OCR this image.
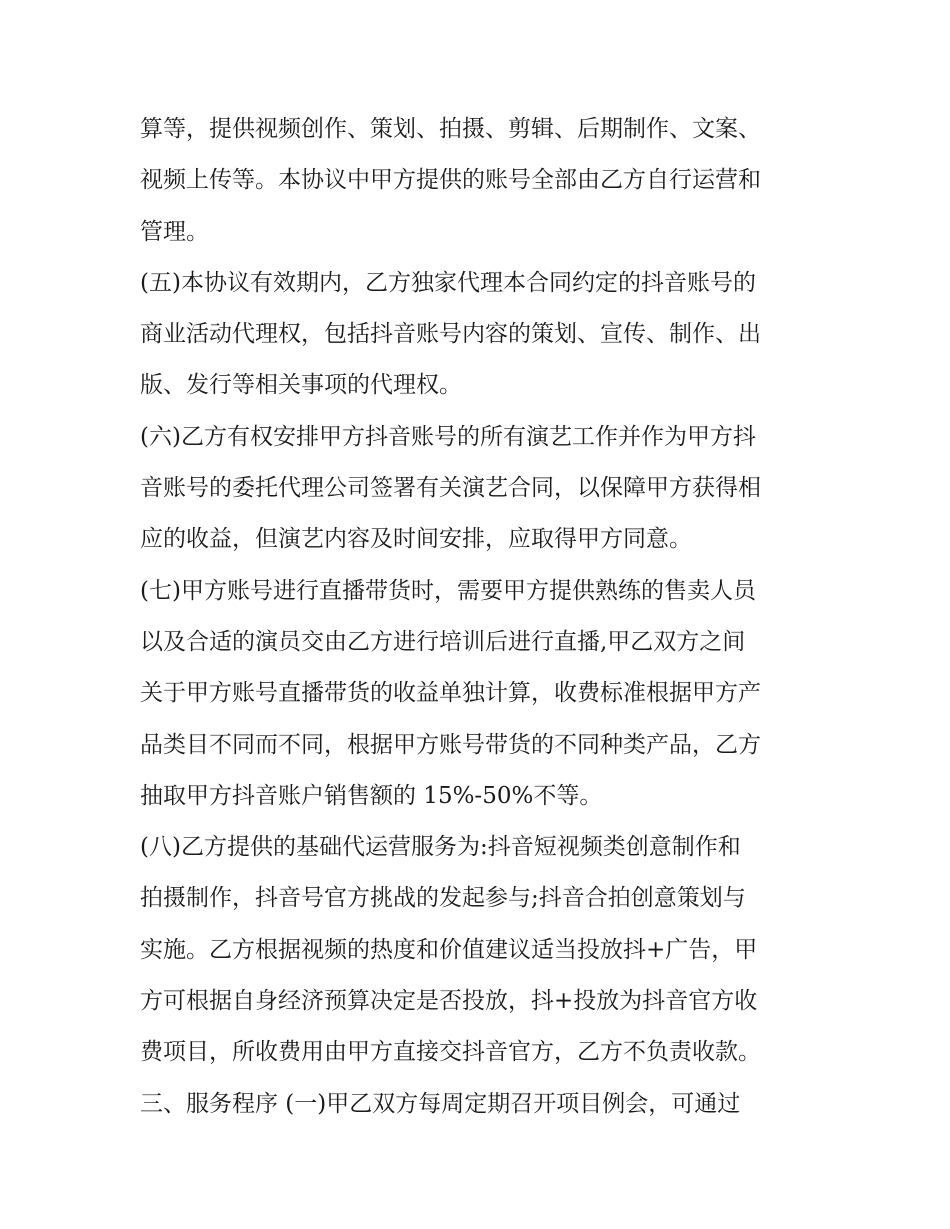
算等，提供视频创作、策划、拍摄、剪辑、后期制作、文案、
视频上传等。本协议中甲方提供的账号全部由乙方自行运营和
管理。
(五)本协议有效期内，乙方独家代理本合同约定的抖音账号的
商业活动代理权，包括抖音账号内容的策划、宣传、制作、出
版、发行等相关事项的代理权。
(六)乙方有权安排甲方抖音账号的所有演艺工作并作为甲方抖
音账号的委托代理公司签署有关演艺合同，以保障甲方获得相
应的收益，但演艺内容及时间安排，应取得甲方同意。
(七)甲方账号进行直播带货时，需要甲方提供熟练的售卖人员
以及合适的演员交由乙方进行培训后进行直播,甲乙双方之间
关于甲方账号直播带货的收益单独计算，收费标准根据甲方产
品类目不同而不同，根据甲方账号带货的不同种类产品，乙方
抽取甲方抖音账户销售额的 15%-50%不等。
(八)乙方提供的基础代运营服务为:抖音短视频类创意制作和
拍摄制作，抖音号官方挑战的发起参与;抖音合拍创意策划与
实施。乙方根据视频的热度和价值建议适当投放抖+广告，甲
方可根据自身经济预算决定是否投放，抖+投放为抖音官方收
费项目，所收费用由甲方直接交抖音官方，乙方不负责收款。
三、服务程序 (一)甲乙双方每周定期召开项目例会，可通过
